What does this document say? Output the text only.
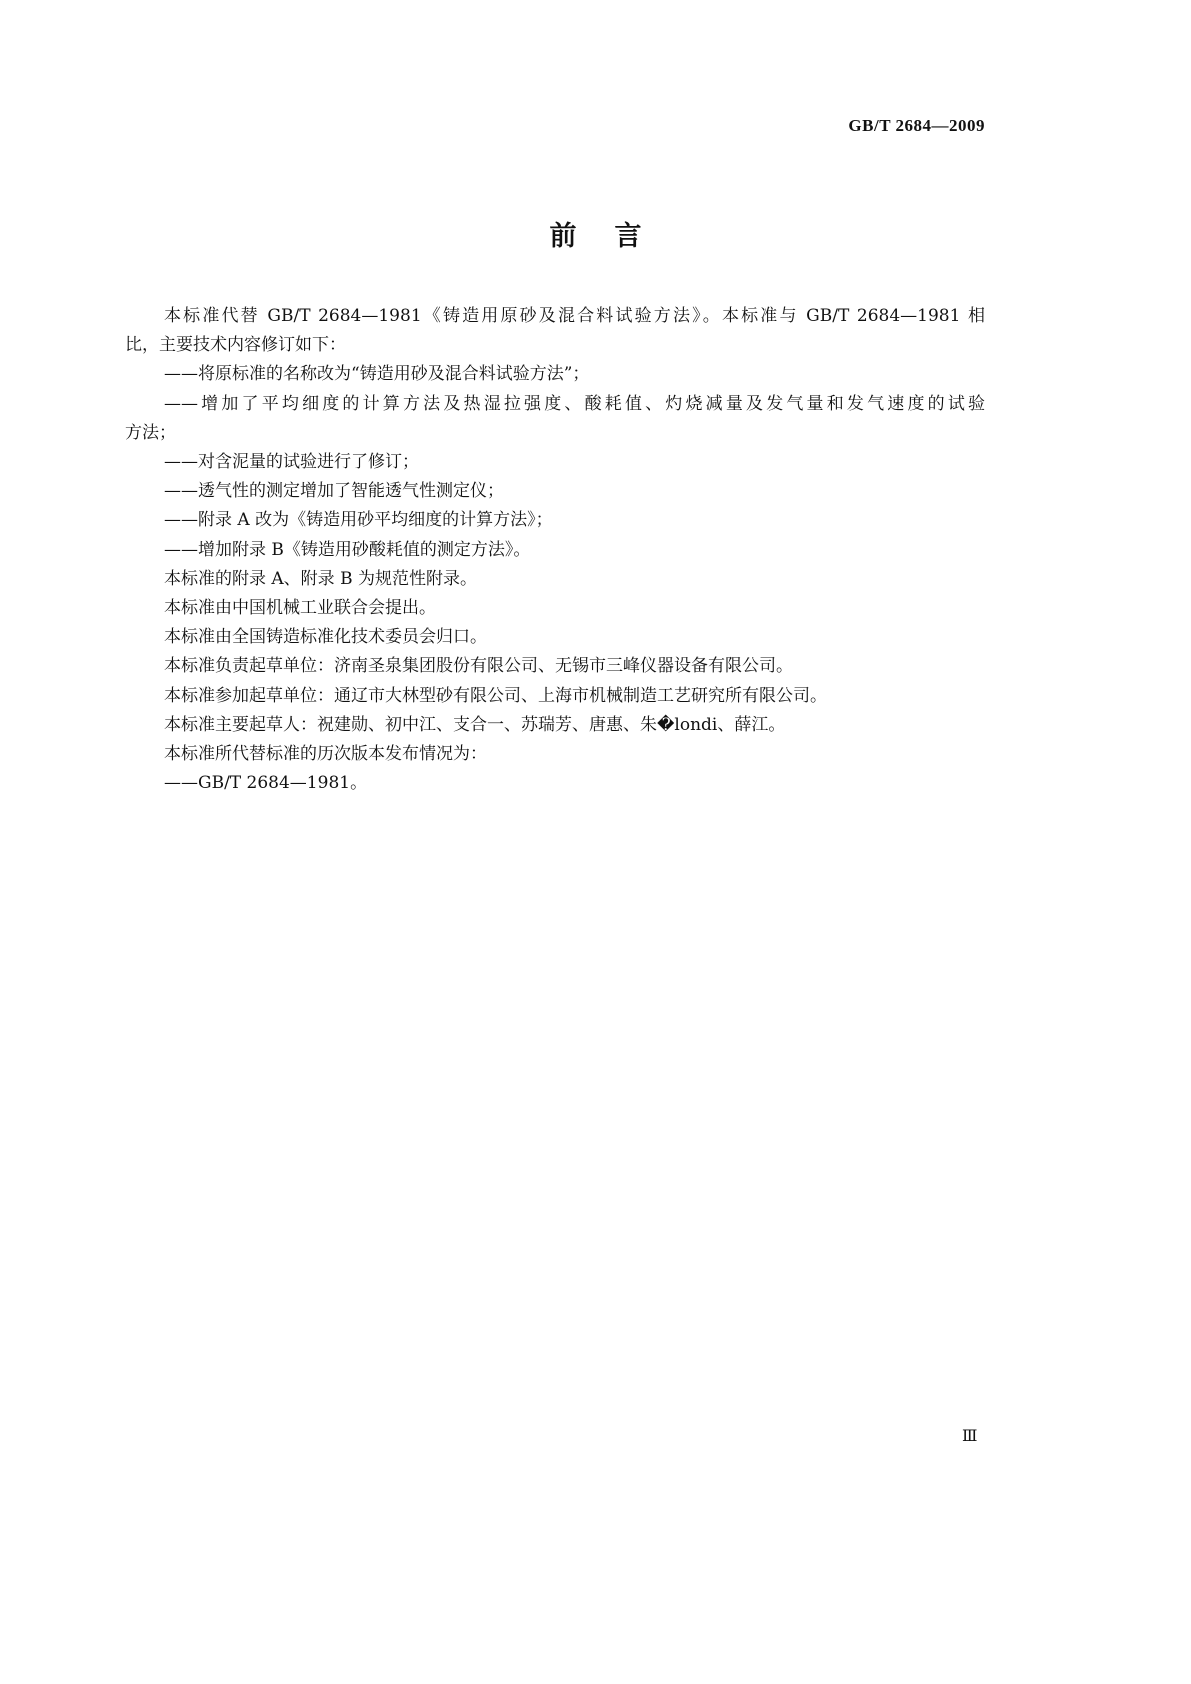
GB/T 2684—2009
前言
本标准代替 GB/T 2684—1981《铸造用原砂及混合料试验方法》。本标准与 GB/T 2684—1981 相
比，主要技术内容修订如下：
——将原标准的名称改为“铸造用砂及混合料试验方法”；
——增加了平均细度的计算方法及热湿拉强度、酸耗值、灼烧减量及发气量和发气速度的试验
方法；
——对含泥量的试验进行了修订；
——透气性的测定增加了智能透气性测定仪；
——附录 A 改为《铸造用砂平均细度的计算方法》；
——增加附录 B《铸造用砂酸耗值的测定方法》。
本标准的附录 A、附录 B 为规范性附录。
本标准由中国机械工业联合会提出。
本标准由全国铸造标准化技术委员会归口。
本标准负责起草单位：济南圣泉集团股份有限公司、无锡市三峰仪器设备有限公司。
本标准参加起草单位：通辽市大林型砂有限公司、上海市机械制造工艺研究所有限公司。
本标准主要起草人：祝建勋、初中江、支合一、苏瑞芳、唐惠、朱�londi、薛江。
本标准所代替标准的历次版本发布情况为：
——GB/T 2684—1981。
Ⅲ
